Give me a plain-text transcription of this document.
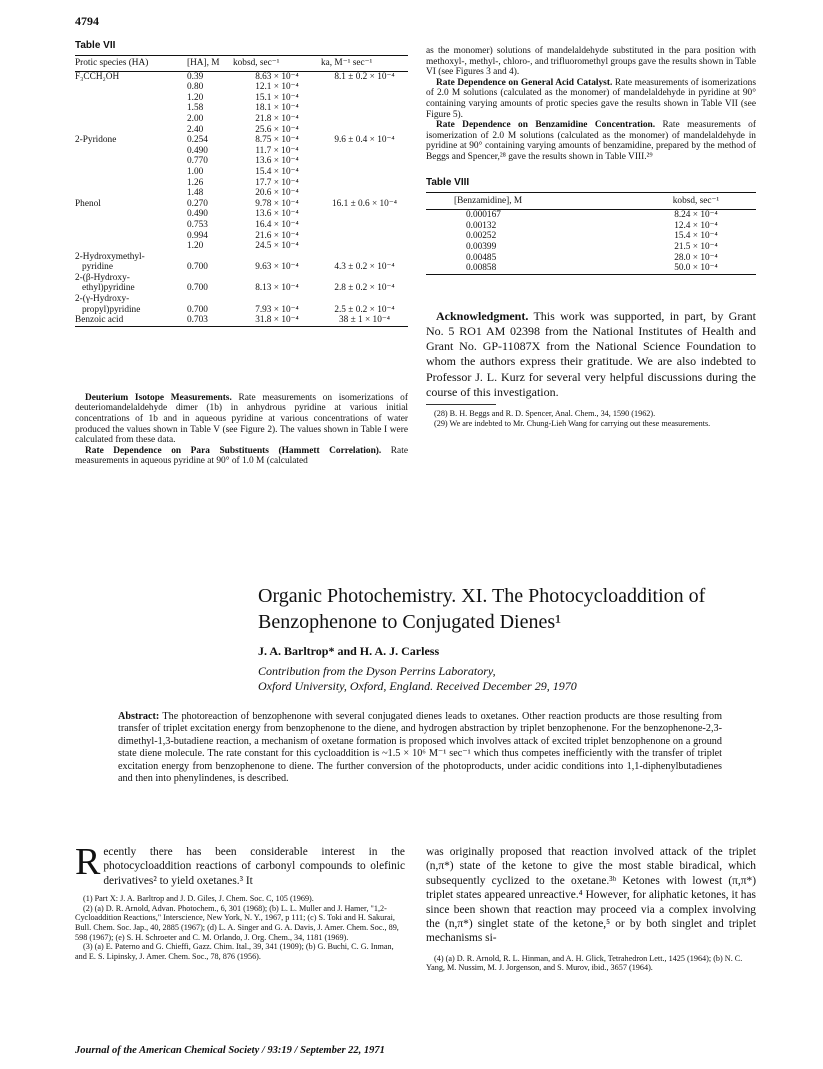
4794
Table VII
Protic species (HA)	[HA], M	kobsd, sec⁻¹	ka, M⁻¹ sec⁻¹
F₃CCH₂OH	0.39	8.63 × 10⁻⁴	8.1 ± 0.2 × 10⁻⁴
	0.80	12.1 × 10⁻⁴	
	1.20	15.1 × 10⁻⁴	
	1.58	18.1 × 10⁻⁴	
	2.00	21.8 × 10⁻⁴	
	2.40	25.6 × 10⁻⁴	
2-Pyridone	0.254	8.75 × 10⁻⁴	9.6 ± 0.4 × 10⁻⁴
	0.490	11.7 × 10⁻⁴	
	0.770	13.6 × 10⁻⁴	
	1.00	15.4 × 10⁻⁴	
	1.26	17.7 × 10⁻⁴	
	1.48	20.6 × 10⁻⁴	
Phenol	0.270	9.78 × 10⁻⁴	16.1 ± 0.6 × 10⁻⁴
	0.490	13.6 × 10⁻⁴	
	0.753	16.4 × 10⁻⁴	
	0.994	21.6 × 10⁻⁴	
	1.20	24.5 × 10⁻⁴	
2-Hydroxymethyl-			
pyridine	0.700	9.63 × 10⁻⁴	4.3 ± 0.2 × 10⁻⁴
2-(β-Hydroxy-			
ethyl)pyridine	0.700	8.13 × 10⁻⁴	2.8 ± 0.2 × 10⁻⁴
2-(γ-Hydroxy-			
propyl)pyridine	0.700	7.93 × 10⁻⁴	2.5 ± 0.2 × 10⁻⁴
Benzoic acid	0.703	31.8 × 10⁻⁴	38 ± 1 × 10⁻⁴

Deuterium Isotope Measurements. Rate measurements on isomerizations of deuteriomandelaldehyde dimer (1b) in anhydrous pyridine at various initial concentrations of 1b and in aqueous pyridine at various concentrations of water produced the values shown in Table V (see Figure 2). The values shown in Table I were calculated from these data.

Rate Dependence on Para Substituents (Hammett Correlation). Rate measurements in aqueous pyridine at 90° of 1.0 M (calculated

as the monomer) solutions of mandelaldehyde substituted in the para position with methoxyl-, methyl-, chloro-, and trifluoromethyl groups gave the results shown in Table VI (see Figures 3 and 4).

Rate Dependence on General Acid Catalyst. Rate measurements of isomerizations of 2.0 M solutions (calculated as the monomer) of mandelaldehyde in pyridine at 90° containing varying amounts of protic species gave the results shown in Table VII (see Figure 5).

Rate Dependence on Benzamidine Concentration. Rate measurements of isomerization of 2.0 M solutions (calculated as the monomer) of mandelaldehyde in pyridine at 90° containing varying amounts of benzamidine, prepared by the method of Beggs and Spencer,²⁸ gave the results shown in Table VIII.²⁹

Table VIII
[Benzamidine], M	kobsd, sec⁻¹
0.000167	8.24 × 10⁻⁴
0.00132	12.4 × 10⁻⁴
0.00252	15.4 × 10⁻⁴
0.00399	21.5 × 10⁻⁴
0.00485	28.0 × 10⁻⁴
0.00858	50.0 × 10⁻⁴

Acknowledgment. This work was supported, in part, by Grant No. 5 RO1 AM 02398 from the National Institutes of Health and Grant No. GP-11087X from the National Science Foundation to whom the authors express their gratitude. We are also indebted to Professor J. L. Kurz for several very helpful discussions during the course of this investigation.

(28) B. H. Beggs and R. D. Spencer, Anal. Chem., 34, 1590 (1962).

(29) We are indebted to Mr. Chung-Lieh Wang for carrying out these measurements.

Organic Photochemistry. XI. The Photocycloaddition of Benzophenone to Conjugated Dienes¹
J. A. Barltrop* and H. A. J. Carless
Contribution from the Dyson Perrins Laboratory,
Oxford University, Oxford, England. Received December 29, 1970

Abstract: The photoreaction of benzophenone with several conjugated dienes leads to oxetanes. Other reaction products are those resulting from transfer of triplet excitation energy from benzophenone to the diene, and hydrogen abstraction by triplet benzophenone. For the benzophenone-2,3-dimethyl-1,3-butadiene reaction, a mechanism of oxetane formation is proposed which involves attack of excited triplet benzophenone on a ground state diene molecule. The rate constant for this cycloaddition is ~1.5 × 10⁶ M⁻¹ sec⁻¹ which thus competes inefficiently with the transfer of triplet excitation energy from benzophenone to diene. The further conversion of the photoproducts, under acidic conditions into 1,1-diphenylbutadienes and then into phenylindenes, is described.

Recently there has been considerable interest in the photocycloaddition reactions of carbonyl compounds to olefinic derivatives² to yield oxetanes.³ It

(1) Part X: J. A. Barltrop and J. D. Giles, J. Chem. Soc. C, 105 (1969).

(2) (a) D. R. Arnold, Advan. Photochem., 6, 301 (1968); (b) L. L. Muller and J. Hamer, "1,2-Cycloaddition Reactions," Interscience, New York, N. Y., 1967, p 111; (c) S. Toki and H. Sakurai, Bull. Chem. Soc. Jap., 40, 2885 (1967); (d) L. A. Singer and G. A. Davis, J. Amer. Chem. Soc., 89, 598 (1967); (e) S. H. Schroeter and C. M. Orlando, J. Org. Chem., 34, 1181 (1969).

(3) (a) E. Paterno and G. Chieffi, Gazz. Chim. Ital., 39, 341 (1909); (b) G. Buchi, C. G. Inman, and E. S. Lipinsky, J. Amer. Chem. Soc., 78, 876 (1956).

was originally proposed that reaction involved attack of the triplet (n,π*) state of the ketone to give the most stable biradical, which subsequently cyclized to the oxetane.³ᵇ Ketones with lowest (π,π*) triplet states appeared unreactive.⁴ However, for aliphatic ketones, it has since been shown that reaction may proceed via a complex involving the (n,π*) singlet state of the ketone,⁵ or by both singlet and triplet mechanisms si-

(4) (a) D. R. Arnold, R. L. Hinman, and A. H. Glick, Tetrahedron Lett., 1425 (1964); (b) N. C. Yang, M. Nussim, M. J. Jorgenson, and S. Murov, ibid., 3657 (1964).

Journal of the American Chemical Society / 93:19 / September 22, 1971
